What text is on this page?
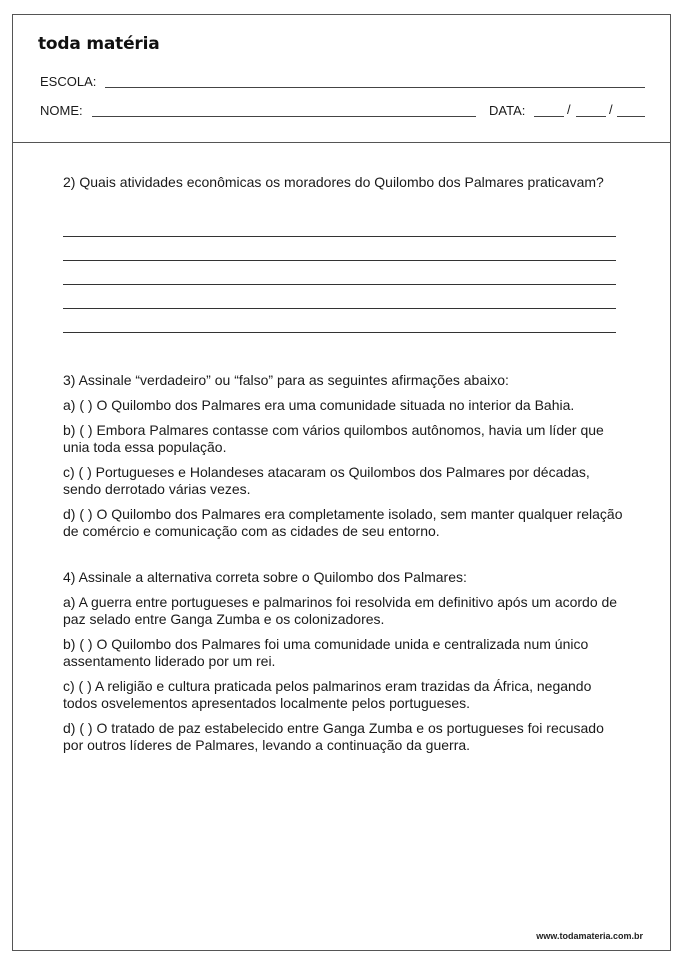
toda matéria
ESCOLA:
NOME:	DATA:	/	/
2) Quais atividades econômicas os moradores do Quilombo dos Palmares praticavam?
3) Assinale “verdadeiro” ou “falso” para as seguintes afirmações abaixo:
a) ( ) O Quilombo dos Palmares era uma comunidade situada no interior da Bahia.
b) ( ) Embora Palmares contasse com vários quilombos autônomos, havia um líder que unia toda essa população.
c) ( ) Portugueses e Holandeses atacaram os Quilombos dos Palmares por décadas, sendo derrotado várias vezes.
d) ( ) O Quilombo dos Palmares era completamente isolado, sem manter qualquer relação de comércio e comunicação com as cidades de seu entorno.
4) Assinale a alternativa correta sobre o Quilombo dos Palmares:
a) A guerra entre portugueses e palmarinos foi resolvida em definitivo após um acordo de paz selado entre Ganga Zumba e os colonizadores.
b) ( ) O Quilombo dos Palmares foi uma comunidade unida e centralizada num único assentamento liderado por um rei.
c) ( ) A religião e cultura praticada pelos palmarinos eram trazidas da África, negando todos osvelementos apresentados localmente pelos portugueses.
d) ( ) O tratado de paz estabelecido entre Ganga Zumba e os portugueses foi recusado por outros líderes de Palmares, levando a continuação da guerra.
www.todamateria.com.br
